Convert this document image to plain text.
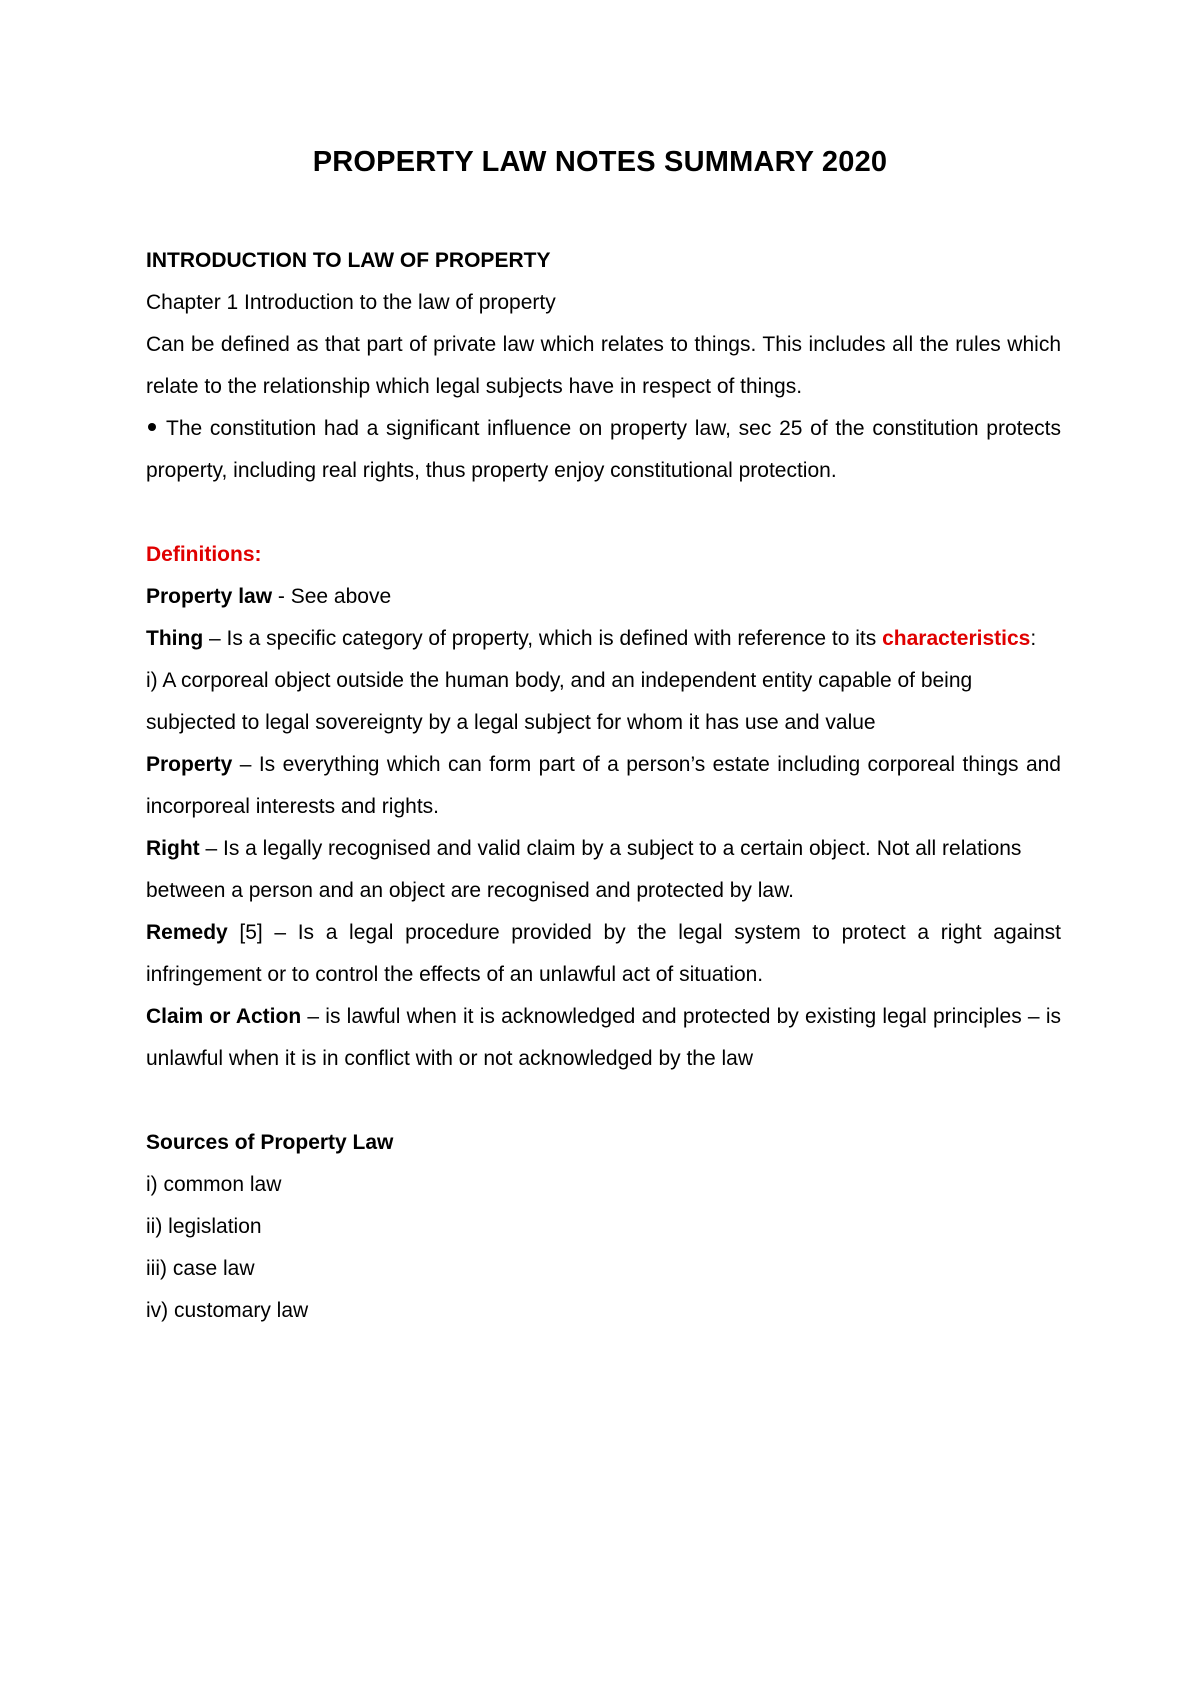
PROPERTY LAW NOTES SUMMARY 2020
INTRODUCTION TO LAW OF PROPERTY
Chapter 1 Introduction to the law of property
Can be defined as that part of private law which relates to things. This includes all the rules which relate to the relationship which legal subjects have in respect of things.
The constitution had a significant influence on property law, sec 25 of the constitution protects property, including real rights, thus property enjoy constitutional protection.
Definitions:
Property law - See above
Thing – Is a specific category of property, which is defined with reference to its characteristics:
i) A corporeal object outside the human body, and an independent entity capable of being subjected to legal sovereignty by a legal subject for whom it has use and value
Property – Is everything which can form part of a person’s estate including corporeal things and incorporeal interests and rights.
Right – Is a legally recognised and valid claim by a subject to a certain object. Not all relations between a person and an object are recognised and protected by law.
Remedy [5] – Is a legal procedure provided by the legal system to protect a right against infringement or to control the effects of an unlawful act of situation.
Claim or Action – is lawful when it is acknowledged and protected by existing legal principles – is unlawful when it is in conflict with or not acknowledged by the law
Sources of Property Law
i) common law
ii) legislation
iii) case law
iv) customary law
